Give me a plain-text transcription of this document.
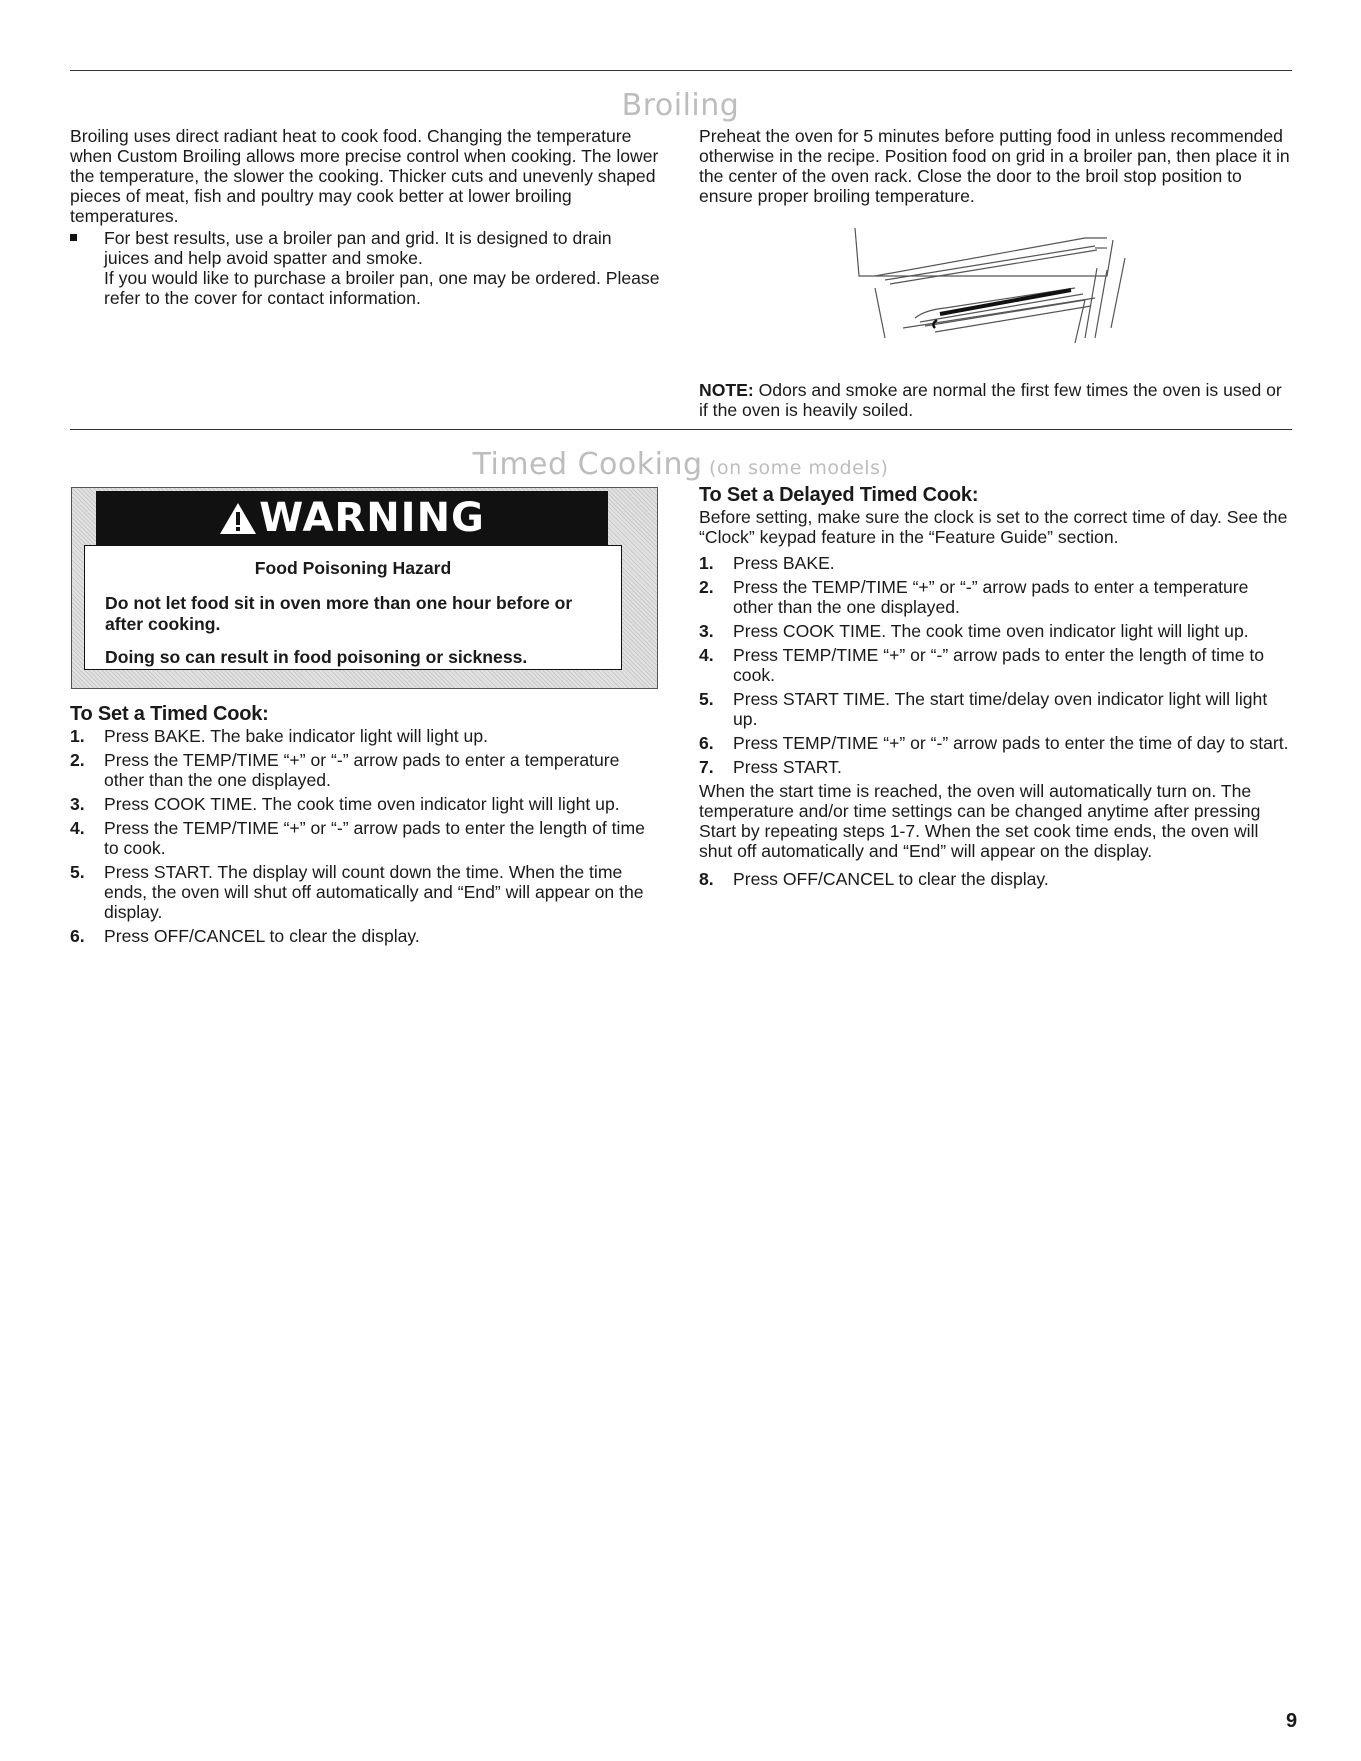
Broiling

Broiling uses direct radiant heat to cook food. Changing the temperature when Custom Broiling allows more precise control when cooking. The lower the temperature, the slower the cooking. Thicker cuts and unevenly shaped pieces of meat, fish and poultry may cook better at lower broiling temperatures.

For best results, use a broiler pan and grid. It is designed to drain juices and help avoid spatter and smoke.

If you would like to purchase a broiler pan, one may be ordered. Please refer to the cover for contact information.

Preheat the oven for 5 minutes before putting food in unless recommended otherwise in the recipe. Position food on grid in a broiler pan, then place it in the center of the oven rack. Close the door to the broil stop position to ensure proper broiling temperature.

NOTE: Odors and smoke are normal the first few times the oven is used or if the oven is heavily soiled.

Timed Cooking (on some models)
WARNING
Food Poisoning Hazard
Do not let food sit in oven more than one hour before or after cooking.
Doing so can result in food poisoning or sickness.
To Set a Timed Cook:
1. Press BAKE. The bake indicator light will light up.
2. Press the TEMP/TIME “+” or “-” arrow pads to enter a temperature other than the one displayed.
3. Press COOK TIME. The cook time oven indicator light will light up.
4. Press the TEMP/TIME “+” or “-” arrow pads to enter the length of time to cook.
5. Press START. The display will count down the time. When the time ends, the oven will shut off automatically and “End” will appear on the display.
6. Press OFF/CANCEL to clear the display.
To Set a Delayed Timed Cook:

Before setting, make sure the clock is set to the correct time of day. See the “Clock” keypad feature in the “Feature Guide” section.

1. Press BAKE.
2. Press the TEMP/TIME “+” or “-” arrow pads to enter a temperature other than the one displayed.
3. Press COOK TIME. The cook time oven indicator light will light up.
4. Press TEMP/TIME “+” or “-” arrow pads to enter the length of time to cook.
5. Press START TIME. The start time/delay oven indicator light will light up.
6. Press TEMP/TIME “+” or “-” arrow pads to enter the time of day to start.
7. Press START.

When the start time is reached, the oven will automatically turn on. The temperature and/or time settings can be changed anytime after pressing Start by repeating steps 1-7. When the set cook time ends, the oven will shut off automatically and “End” will appear on the display.

8. Press OFF/CANCEL to clear the display.
9
